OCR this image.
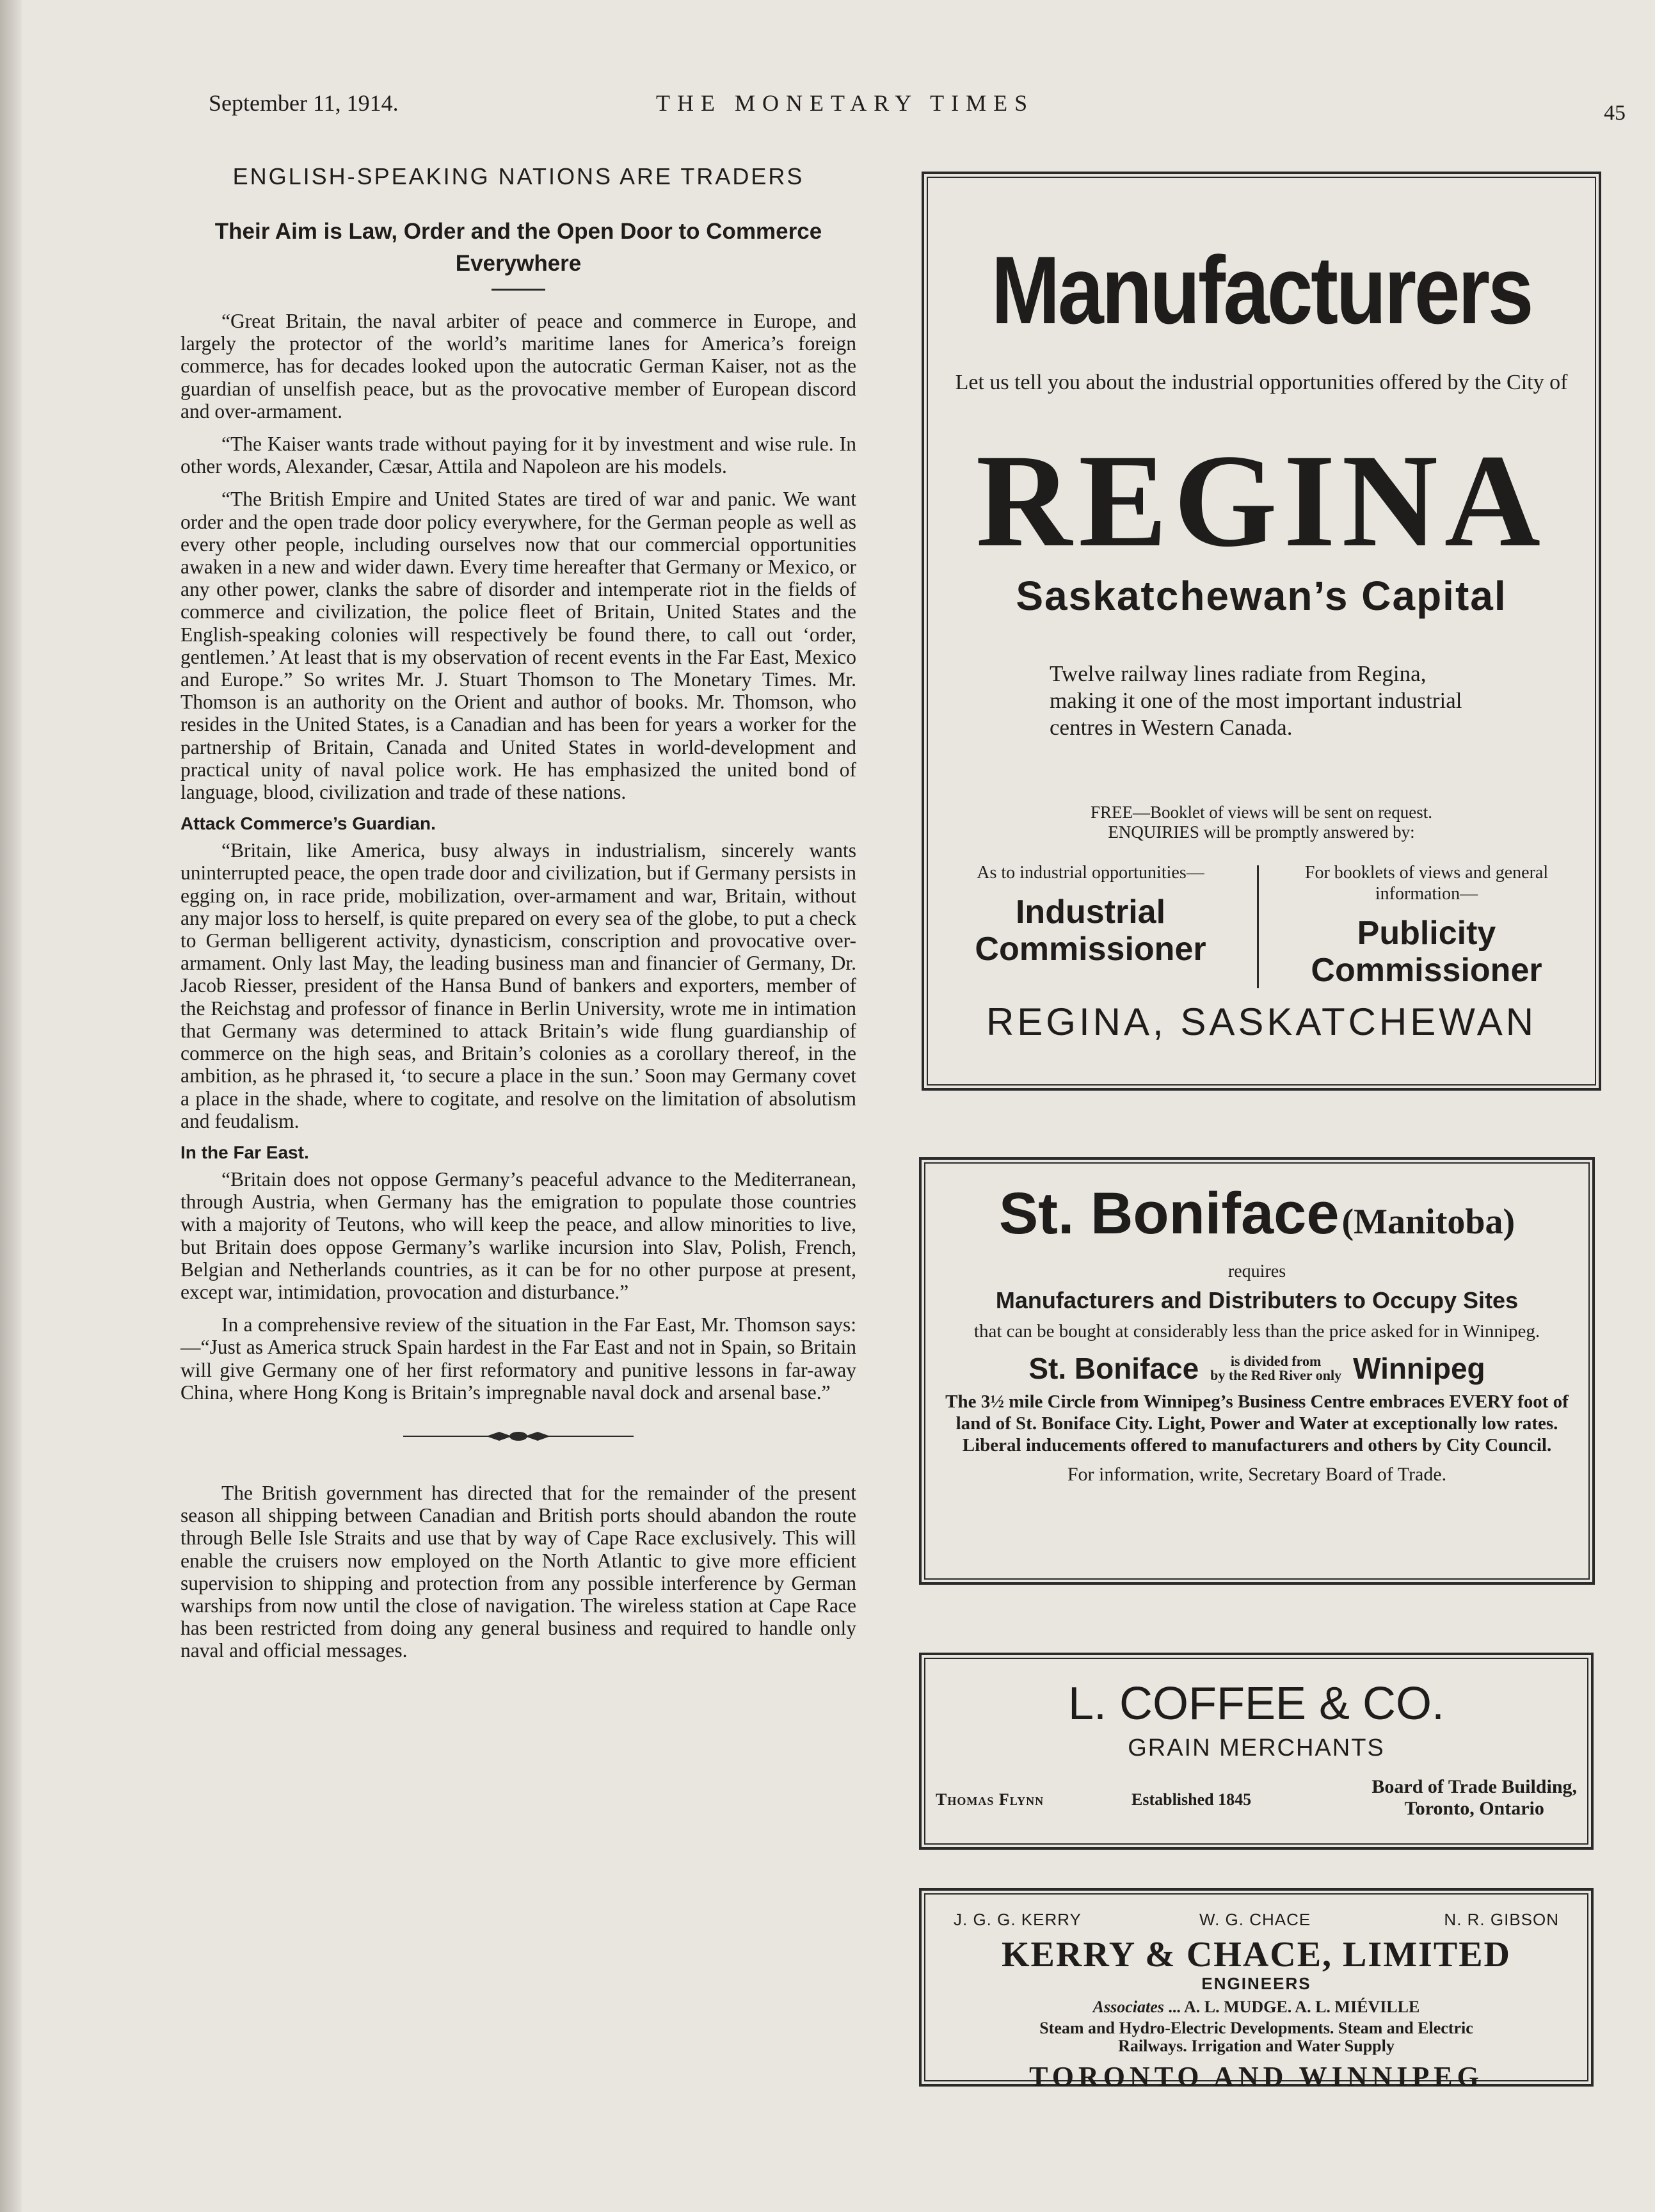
September 11, 1914.	THE MONETARY TIMES	45
ENGLISH-SPEAKING NATIONS ARE TRADERS
Their Aim is Law, Order and the Open Door to Commerce Everywhere

“Great Britain, the naval arbiter of peace and commerce in Europe, and largely the protector of the world’s maritime lanes for America’s foreign commerce, has for decades looked upon the autocratic German Kaiser, not as the guardian of unselfish peace, but as the provocative member of European discord and over-armament.

“The Kaiser wants trade without paying for it by investment and wise rule. In other words, Alexander, Cæsar, Attila and Napoleon are his models.

“The British Empire and United States are tired of war and panic. We want order and the open trade door policy everywhere, for the German people as well as every other people, including ourselves now that our commercial opportunities awaken in a new and wider dawn. Every time hereafter that Germany or Mexico, or any other power, clanks the sabre of disorder and intemperate riot in the fields of commerce and civilization, the police fleet of Britain, United States and the English-speaking colonies will respectively be found there, to call out ‘order, gentlemen.’ At least that is my observation of recent events in the Far East, Mexico and Europe.” So writes Mr. J. Stuart Thomson to The Monetary Times. Mr. Thomson is an authority on the Orient and author of books. Mr. Thomson, who resides in the United States, is a Canadian and has been for years a worker for the partnership of Britain, Canada and United States in world-development and practical unity of naval police work. He has emphasized the united bond of language, blood, civilization and trade of these nations.

Attack Commerce’s Guardian.

“Britain, like America, busy always in industrialism, sincerely wants uninterrupted peace, the open trade door and civilization, but if Germany persists in egging on, in race pride, mobilization, over-armament and war, Britain, without any major loss to herself, is quite prepared on every sea of the globe, to put a check to German belligerent activity, dynasticism, conscription and provocative over-armament. Only last May, the leading business man and financier of Germany, Dr. Jacob Riesser, president of the Hansa Bund of bankers and exporters, member of the Reichstag and professor of finance in Berlin University, wrote me in intimation that Germany was determined to attack Britain’s wide flung guardianship of commerce on the high seas, and Britain’s colonies as a corollary thereof, in the ambition, as he phrased it, ‘to secure a place in the sun.’ Soon may Germany covet a place in the shade, where to cogitate, and resolve on the limitation of absolutism and feudalism.

In the Far East.

“Britain does not oppose Germany’s peaceful advance to the Mediterranean, through Austria, when Germany has the emigration to populate those countries with a majority of Teutons, who will keep the peace, and allow minorities to live, but Britain does oppose Germany’s warlike incursion into Slav, Polish, French, Belgian and Netherlands countries, as it can be for no other purpose at present, except war, intimidation, provocation and disturbance.”

In a comprehensive review of the situation in the Far East, Mr. Thomson says:—“Just as America struck Spain hardest in the Far East and not in Spain, so Britain will give Germany one of her first reformatory and punitive lessons in far-away China, where Hong Kong is Britain’s impregnable naval dock and arsenal base.”

The British government has directed that for the remainder of the present season all shipping between Canadian and British ports should abandon the route through Belle Isle Straits and use that by way of Cape Race exclusively. This will enable the cruisers now employed on the North Atlantic to give more efficient supervision to shipping and protection from any possible interference by German warships from now until the close of navigation. The wireless station at Cape Race has been restricted from doing any general business and required to handle only naval and official messages.

Manufacturers
Let us tell you about the industrial opportunities offered by the City of
REGINA
Saskatchewan’s Capital
Twelve railway lines radiate from Regina, making it one of the most important industrial centres in Western Canada.
FREE—Booklet of views will be sent on request.
ENQUIRIES will be promptly answered by:
As to industrial opportunities—
Industrial Commissioner
For booklets of views and general information—
Publicity Commissioner
REGINA, SASKATCHEWAN
St. Boniface (Manitoba)
requires
Manufacturers and Distributers to Occupy Sites
that can be bought at considerably less than the price asked for in Winnipeg.
St. Boniface	is divided from
by the Red River only Winnipeg
The 3½ mile Circle from Winnipeg’s Business Centre embraces EVERY foot of land of St. Boniface City. Light, Power and Water at exceptionally low rates. Liberal inducements offered to manufacturers and others by City Council.
For information, write, Secretary Board of Trade.
L. COFFEE & CO.
GRAIN MERCHANTS
Thomas Flynn	Established 1845
Board of Trade Building,
Toronto, Ontario
J. G. G. KERRY	W. G. CHACE	N. R. GIBSON
KERRY & CHACE, LIMITED
ENGINEERS
Associates ... A. L. MUDGE. A. L. MIÉVILLE
Steam and Hydro-Electric Developments. Steam and Electric Railways. Irrigation and Water Supply
TORONTO AND WINNIPEG
